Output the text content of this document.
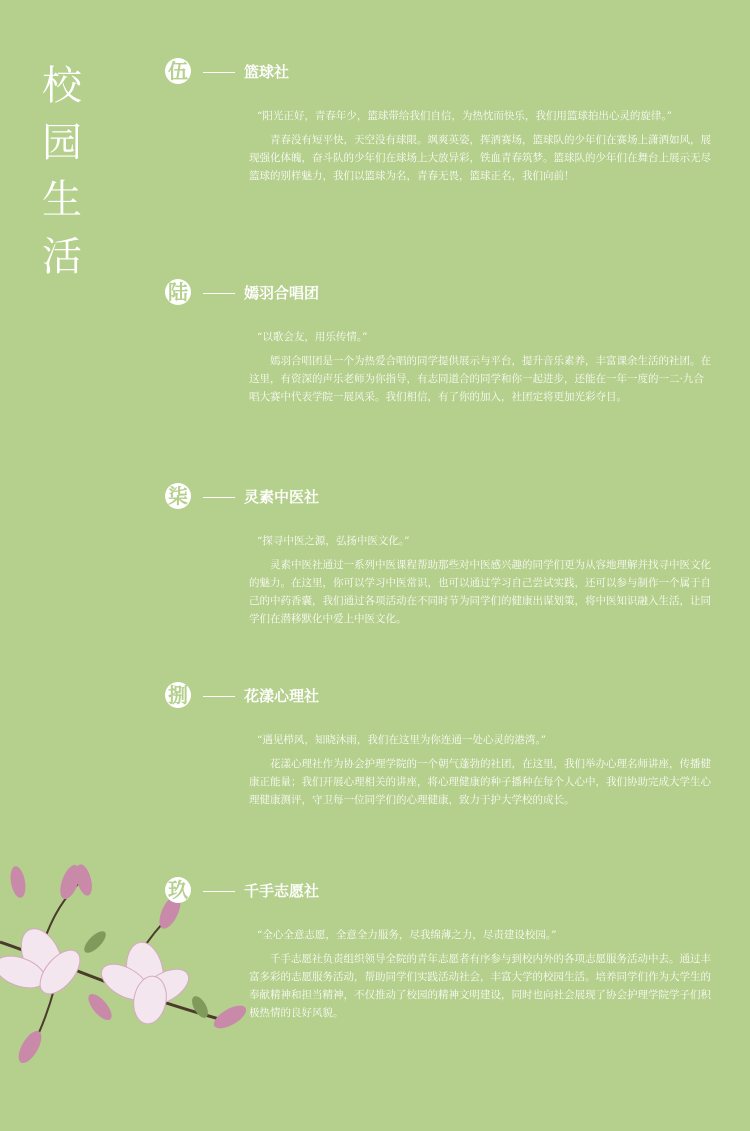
校
园
生
活
伍	篮球社
“阳光正好，青春年少，篮球带给我们自信，为热忱而快乐，我们用篮球拍出心灵的旋律。”
青春没有短平快，天空没有球限。飒爽英姿，挥洒赛场，篮球队的少年们在赛场上潇洒如风，展现强化体魄，奋斗队的少年们在球场上大放异彩，铁血青春筑梦。篮球队的少年们在舞台上展示无尽篮球的别样魅力，我们以篮球为名，青春无畏，篮球正名，我们向前！
陆	嫣羽合唱团
“以歌会友，用乐传情。”
嫣羽合唱团是一个为热爱合唱的同学提供展示与平台，提升音乐素养，丰富课余生活的社团。在这里，有资深的声乐老师为你指导，有志同道合的同学和你一起进步，还能在一年一度的一二·九合唱大赛中代表学院一展风采。我们相信，有了你的加入，社团定将更加光彩夺目。
柒	灵素中医社
“探寻中医之源，弘扬中医文化。”
灵素中医社通过一系列中医课程帮助那些对中医感兴趣的同学们更为从容地理解并找寻中医文化的魅力。在这里，你可以学习中医常识，也可以通过学习自己尝试实践，还可以参与制作一个属于自己的中药香囊，我们通过各项活动在不同时节为同学们的健康出谋划策，将中医知识融入生活，让同学们在潜移默化中爱上中医文化。
捌	花漾心理社
“遇见栉风，知晓沐雨，我们在这里为你连通一处心灵的港湾。”
花漾心理社作为协会护理学院的一个朝气蓬勃的社团，在这里，我们举办心理名师讲座，传播健康正能量；我们开展心理相关的讲座，将心理健康的种子播种在每个人心中，我们协助完成大学生心理健康测评，守卫每一位同学们的心理健康，致力于护大学校的成长。
玖	千手志愿社
“全心全意志愿，全意全力服务，尽我绵薄之力，尽责建设校园。”
千手志愿社负责组织领导全院的青年志愿者有序参与到校内外的各项志愿服务活动中去。通过丰富多彩的志愿服务活动，帮助同学们实践活动社会，丰富大学的校园生活。培养同学们作为大学生的奉献精神和担当精神，不仅推动了校园的精神文明建设，同时也向社会展现了协会护理学院学子们积极热情的良好风貌。
